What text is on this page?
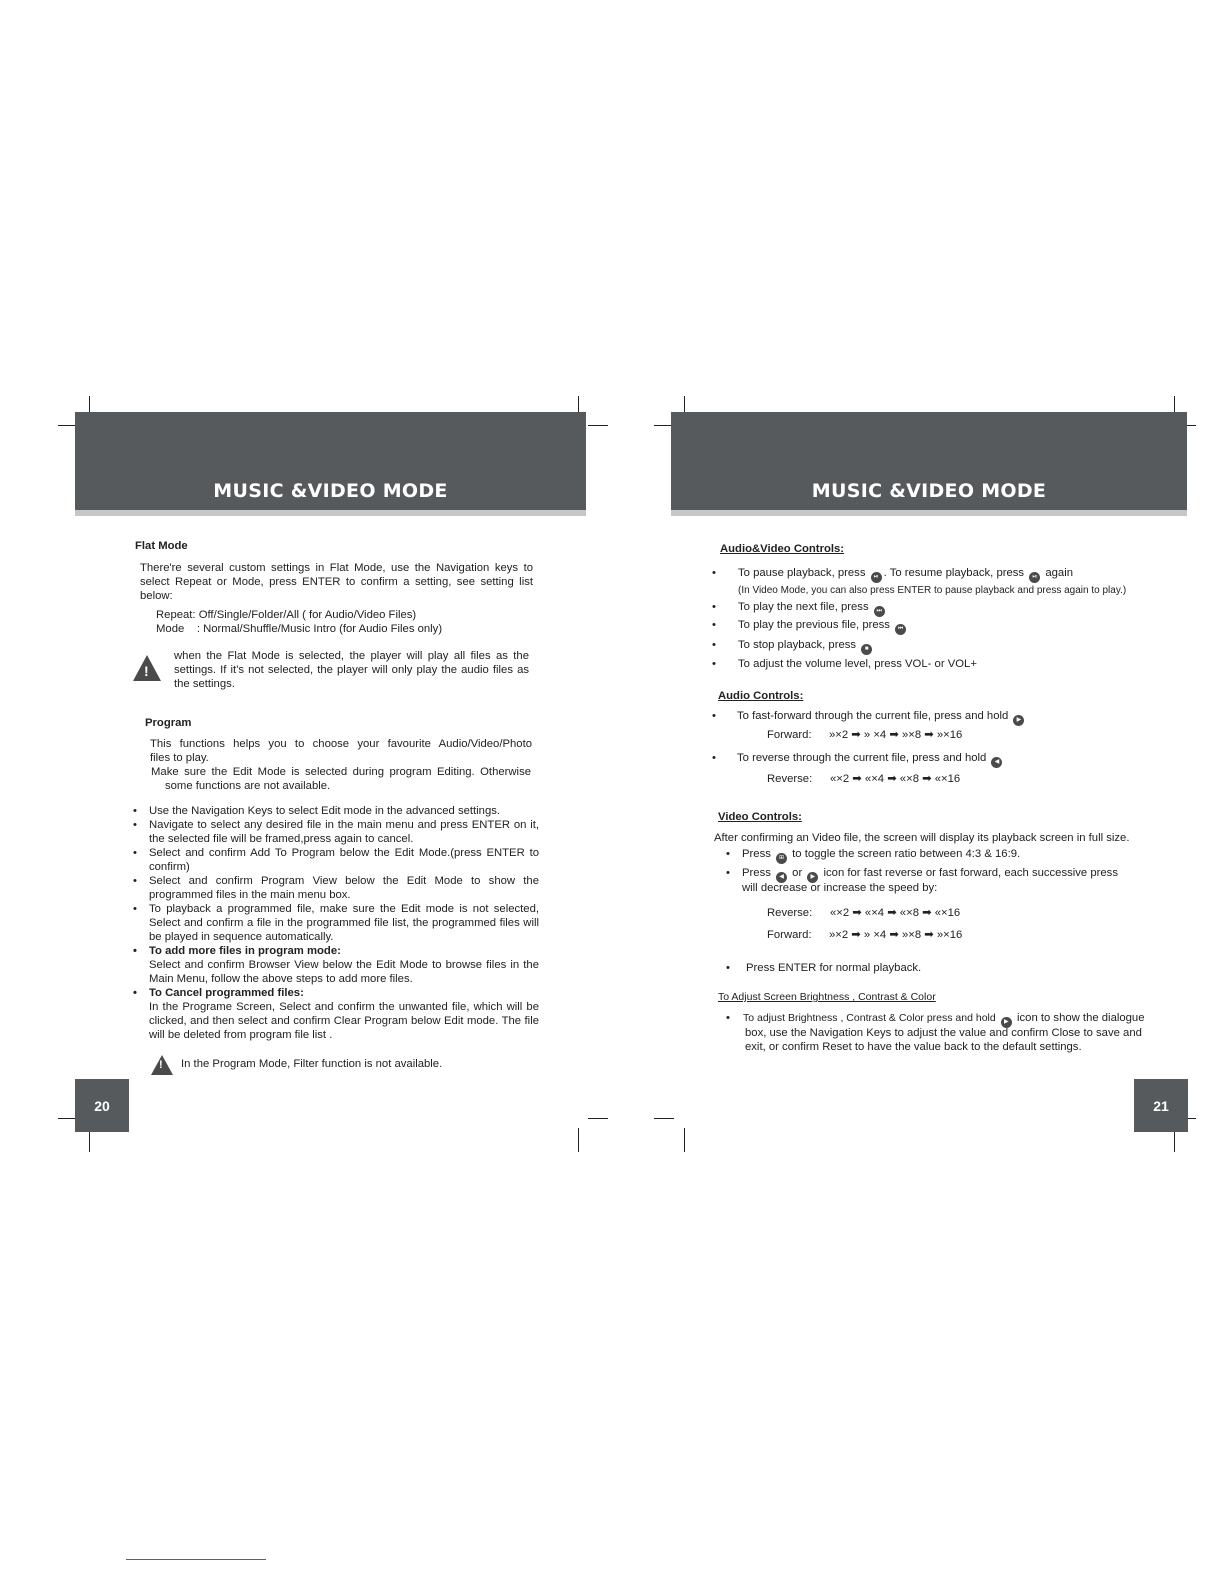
MUSIC &VIDEO MODE
Flat Mode
There're several custom settings in Flat Mode, use the Navigation keys to
select Repeat or Mode, press ENTER to confirm a setting, see setting list
below:
Repeat: Off/Single/Folder/All ( for Audio/Video Files)
Mode    : Normal/Shuffle/Music Intro (for Audio Files only)
!
when the Flat Mode is selected, the player will play all files as the
settings. If it's not selected, the player will only play the audio files as
the settings.
Program
This functions helps you to choose your favourite Audio/Video/Photo
files to play.
Make sure the Edit Mode is selected during program Editing. Otherwise
some functions are not available.
• Use the Navigation Keys to select Edit mode in the advanced settings.
• Navigate to select any desired file in the main menu and press ENTER on it,
the selected file will be framed,press again to cancel.
• Select and confirm Add To Program below the Edit Mode.(press ENTER to
confirm)
• Select and confirm Program View below the Edit Mode to show the
programmed files in the main menu box.
• To playback a programmed file, make sure the Edit mode is not selected,
Select and confirm a file in the programmed file list, the programmed files will
be played in sequence automatically.
• To add more files in program mode:
Select and confirm Browser View below the Edit Mode to browse files in the
Main Menu, follow the above steps to add more files.
• To Cancel programmed files:
In the Programe Screen, Select and confirm the unwanted file, which will be
clicked, and then select and confirm Clear Program below Edit mode. The file
will be deleted from program file list .
! In the Program Mode, Filter function is not available.
20
MUSIC &VIDEO MODE
Audio&Video Controls:
• To pause playback, press ⏯ . To resume playback, press ⏯ again
(In Video Mode, you can also press ENTER to pause playback and press again to play.)
• To play the next file, press ⏭
• To play the previous file, press ⏮
• To stop playback, press ■
• To adjust the volume level, press VOL- or VOL+
Audio Controls:
• To fast-forward through the current file, press and hold ▶
Forward: »×2 ➡ » ×4 ➡ »×8 ➡ »×16
• To reverse through the current file, press and hold ◀
Reverse: «×2 ➡ «×4 ➡ «×8 ➡ «×16
Video Controls:
After confirming an Video file, the screen will display its playback screen in full size.
• Press ⊞ to toggle the screen ratio between 4:3 & 16:9.
• Press ◀ or ▶ icon for fast reverse or fast forward, each successive press
will decrease or increase the speed by:
Reverse: «×2 ➡ «×4 ➡ «×8 ➡ «×16
Forward: »×2 ➡ » ×4 ➡ »×8 ➡ »×16
• Press ENTER for normal playback.
To Adjust Screen Brightness , Contrast & Color
• To adjust Brightness , Contrast & Color press and hold ▶ icon to show the dialogue
box, use the Navigation Keys to adjust the value and confirm Close to save and
exit, or confirm Reset to have the value back to the default settings.
21
